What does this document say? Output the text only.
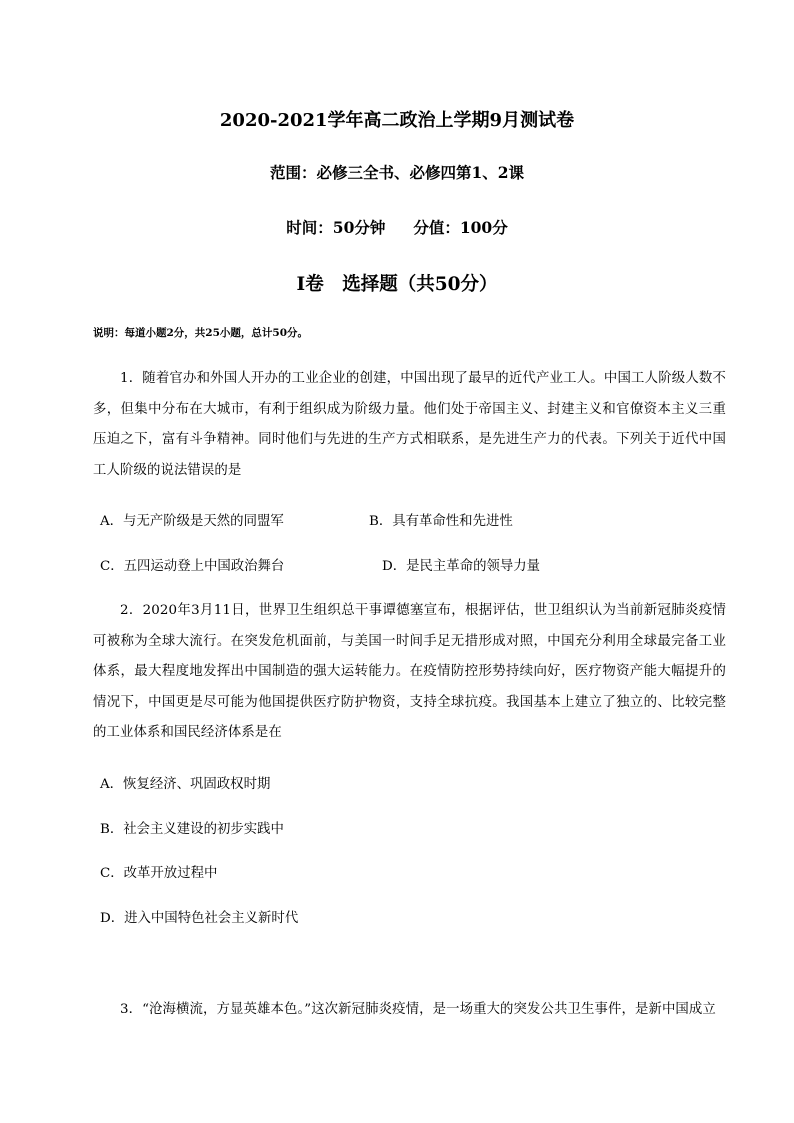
2020-2021学年高二政治上学期9月测试卷
范围：必修三全书、必修四第1、2课
时间：50分钟 分值：100分
Ⅰ卷　选择题（共50分）
说明：每道小题2分，共25小题，总计50分。
1．随着官办和外国人开办的工业企业的创建，中国出现了最早的近代产业工人。中国工人阶级人数不多，但集中分布在大城市，有利于组织成为阶级力量。他们处于帝国主义、封建主义和官僚资本主义三重压迫之下，富有斗争精神。同时他们与先进的生产方式相联系，是先进生产力的代表。下列关于近代中国工人阶级的说法错误的是
A．与无产阶级是天然的同盟军	B．具有革命性和先进性
C．五四运动登上中国政治舞台	D．是民主革命的领导力量
2．2020年3月11日，世界卫生组织总干事谭德塞宣布，根据评估，世卫组织认为当前新冠肺炎疫情可被称为全球大流行。在突发危机面前，与美国一时间手足无措形成对照，中国充分利用全球最完备工业体系，最大程度地发挥出中国制造的强大运转能力。在疫情防控形势持续向好，医疗物资产能大幅提升的情况下，中国更是尽可能为他国提供医疗防护物资，支持全球抗疫。我国基本上建立了独立的、比较完整的工业体系和国民经济体系是在
A．恢复经济、巩固政权时期
B．社会主义建设的初步实践中
C．改革开放过程中
D．进入中国特色社会主义新时代
3．“沧海横流，方显英雄本色。”这次新冠肺炎疫情，是一场重大的突发公共卫生事件，是新中国成立
